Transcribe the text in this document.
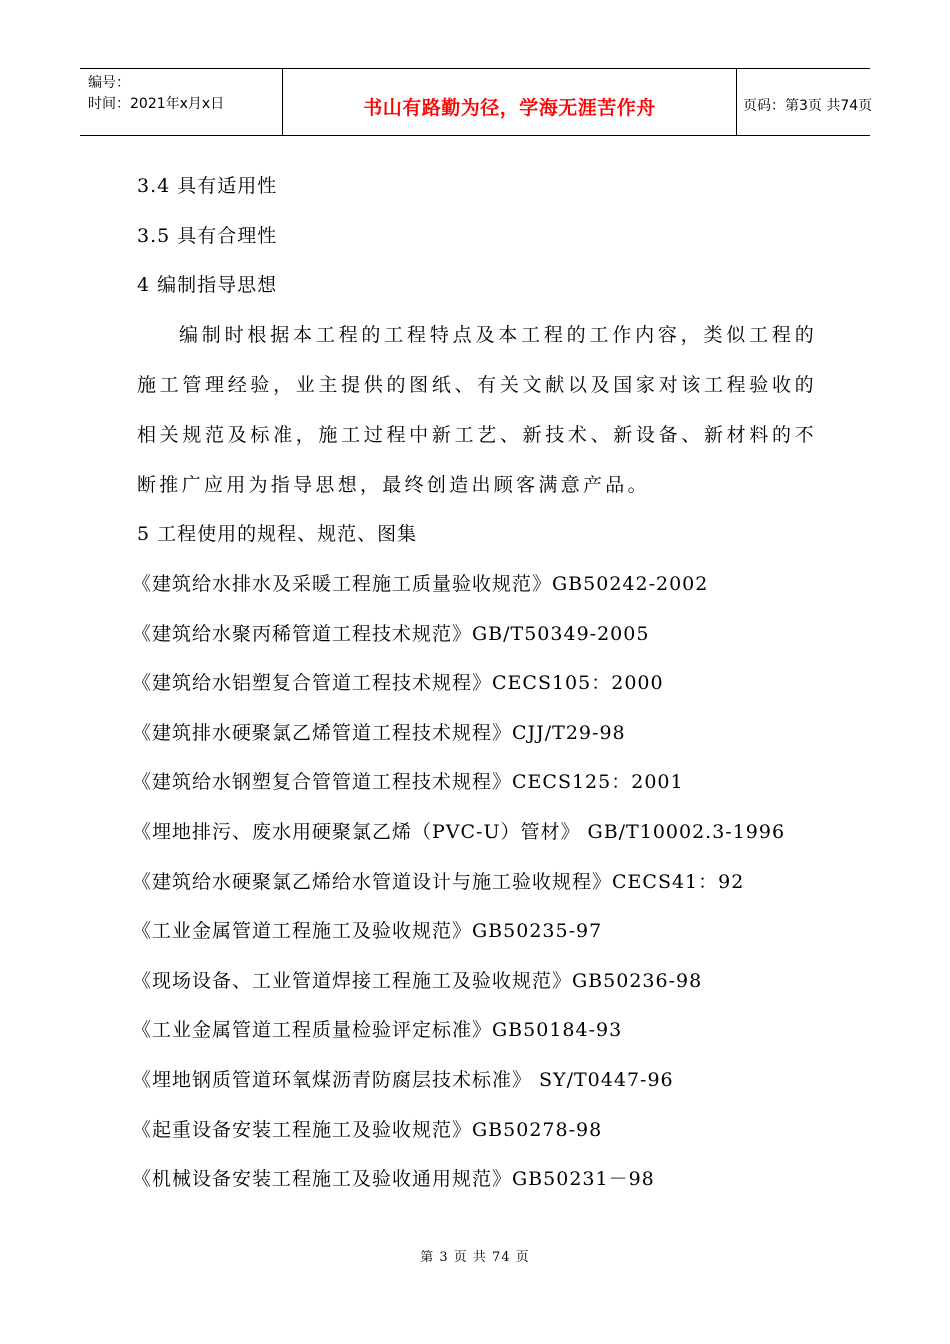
编号：
时间：2021年x月x日	书山有路勤为径，学海无涯苦作舟	页码：第3页 共74页
3.4 具有适用性
3.5 具有合理性
4 编制指导思想

编制时根据本工程的工程特点及本工程的工作内容，类似工程的施工管理经验，业主提供的图纸、有关文献以及国家对该工程验收的相关规范及标准，施工过程中新工艺、新技术、新设备、新材料的不断推广应用为指导思想，最终创造出顾客满意产品。

5 工程使用的规程、规范、图集
《建筑给水排水及采暖工程施工质量验收规范》GB50242-2002
《建筑给水聚丙稀管道工程技术规范》GB/T50349-2005
《建筑给水铝塑复合管道工程技术规程》CECS105：2000
《建筑排水硬聚氯乙烯管道工程技术规程》CJJ/T29-98
《建筑给水钢塑复合管管道工程技术规程》CECS125：2001
《埋地排污、废水用硬聚氯乙烯（PVC-U）管材》 GB/T10002.3-1996
《建筑给水硬聚氯乙烯给水管道设计与施工验收规程》CECS41：92
《工业金属管道工程施工及验收规范》GB50235-97
《现场设备、工业管道焊接工程施工及验收规范》GB50236-98
《工业金属管道工程质量检验评定标准》GB50184-93
《埋地钢质管道环氧煤沥青防腐层技术标准》 SY/T0447-96
《起重设备安装工程施工及验收规范》GB50278-98
《机械设备安装工程施工及验收通用规范》GB50231－98
第 3 页 共 74 页
